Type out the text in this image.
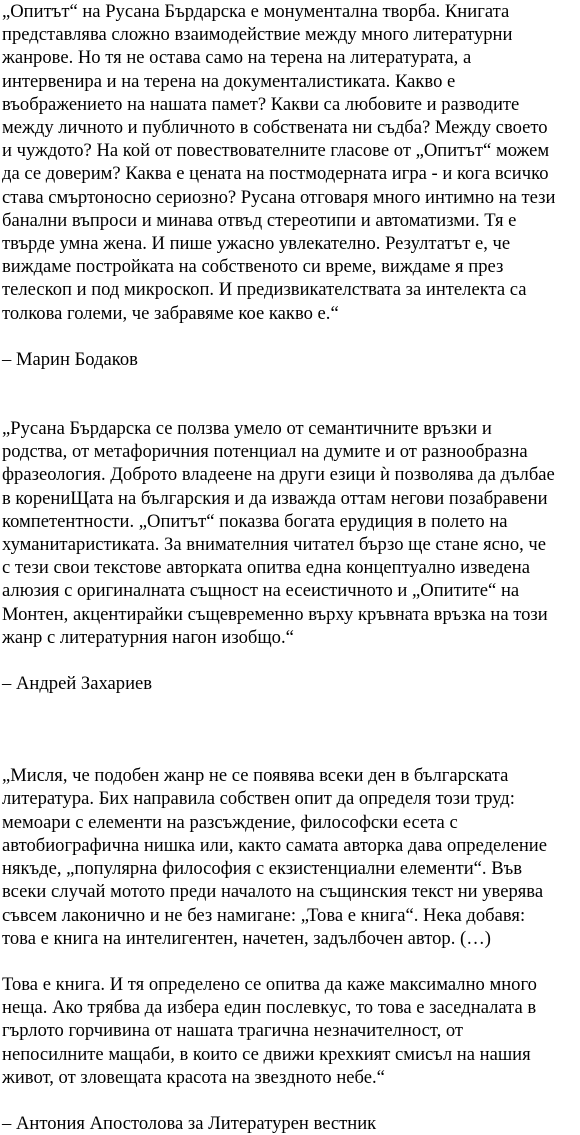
„Опитът“ на Русана Бърдарска е монументална творба. Книгата
представлява сложно взаимодействие между много литературни
жанрове. Но тя не остава само на терена на литературата, а
интервенира и на терена на документалистиката. Какво е
въображението на нашата памет? Какви са любовите и разводите
между личното и публичното в собствената ни съдба? Между своето
и чуждото? На кой от повествователните гласове от „Опитът“ можем
да се доверим? Каква е цената на постмодерната игра - и кога всичко
става смъртоносно сериозно? Русана отговаря много интимно на тези
банални въпроси и минава отвъд стереотипи и автоматизми. Тя е
твърде умна жена. И пише ужасно увлекателно. Резултатът е, че
виждаме постройката на собственото си време, виждаме я през
телескоп и под микроскоп. И предизвикателствата за интелекта са
толкова големи, че забравяме кое какво е.“

– Марин Бодаков

„Русана Бърдарска се ползва умело от семантичните връзки и
родства, от метафоричния потенциал на думите и от разнообразна
фразеология. Доброто владеене на други езици ѝ позволява да дълбае
в корениЩата на българския и да изважда оттам негови позабравени
компетентности. „Опитът“ показва богата ерудиция в полето на
хуманитаристиката. За внимателния читател бързо ще стане ясно, че
с тези свои текстове авторката опитва една концептуално изведена
алюзия с оригиналната същност на есеистичното и „Опитите“ на
Монтен, акцентирайки същевременно върху кръвната връзка на този
жанр с литературния нагон изобщо.“

– Андрей Захариев

„Мисля, че подобен жанр не се появява всеки ден в българската
литература. Бих направила собствен опит да определя този труд:
мемоари с елементи на разсъждение, философски есета с
автобиографична нишка или, както самата авторка дава определение
някъде, „популярна философия с екзистенциални елементи“. Във
всеки случай мотото преди началото на същинския текст ни уверява
съвсем лаконично и не без намигане: „Това е книга“. Нека добавя:
това е книга на интелигентен, начетен, задълбочен автор. (…)

Това е книга. И тя определено се опитва да каже максимално много
неща. Ако трябва да избера един послевкус, то това е заседналата в
гърлото горчивина от нашата трагична незначителност, от
непосилните мащаби, в които се движи крехкият смисъл на нашия
живот, от зловещата красота на звездното небе.“

– Антония Апостолова за Литературен вестник
